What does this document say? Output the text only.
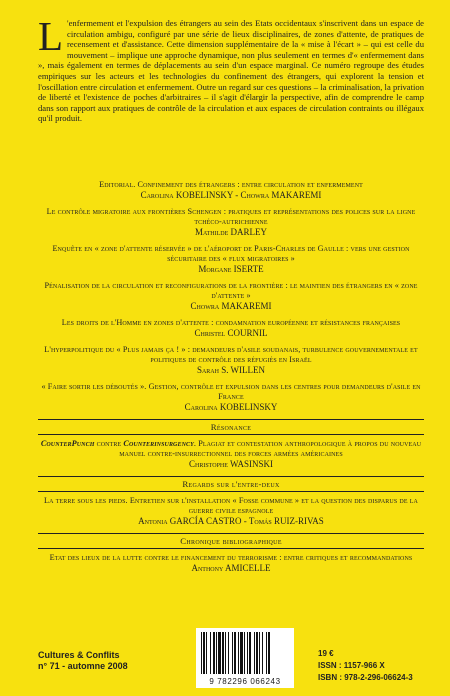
L 'enfermement et l'expulsion des étrangers au sein des Etats occidentaux s'inscrivent dans un espace de circulation ambigu, configuré par une série de lieux disciplinaires, de zones d'attente, de pratiques de recensement et d'assistance. Cette dimension supplémentaire de la « mise à l'écart » – qui est celle du mouvement – implique une approche dynamique, non plus seulement en termes d'« enfermement dans », mais également en termes de déplacements au sein d'un espace marginal. Ce numéro regroupe des études empiriques sur les acteurs et les technologies du confinement des étrangers, qui explorent la tension et l'oscillation entre circulation et enfermement. Outre un regard sur ces questions – la criminalisation, la privation de liberté et l'existence de poches d'arbitraires – il s'agit d'élargir la perspective, afin de comprendre le camp dans son rapport aux pratiques de contrôle de la circulation et aux espaces de circulation contraints ou illégaux qu'il produit.
Editorial. Confinement des étrangers : entre circulation et enfermement
Carolina KOBELINSKY - Chowra MAKAREMI
Le contrôle migratoire aux frontières Schengen : pratiques et représentations des polices sur la ligne tchéco-autrichienne
Mathilde DARLEY
Enquête en « zone d'attente réservée » de l'aéroport de Paris-Charles de Gaulle : vers une gestion sécuritaire des « flux migratoires »
Morgane ISERTE
Pénalisation de la circulation et reconfigurations de la frontière : le maintien des étrangers en « zone d'attente »
Chowra MAKAREMI
Les droits de l'Homme en zones d'attente : condamnation européenne et résistances françaises
Christel COURNIL
L'hyperpolitique du « Plus jamais ça ! » : demandeurs d'asile soudanais, turbulence gouvernementale et politiques de contrôle des réfugiés en Israël
Sarah S. WILLEN
« Faire sortir les déboutés ». Gestion, contrôle et expulsion dans les centres pour demandeurs d'asile en France
Carolina KOBELINSKY
Résonance
CounterPunch contre Counterinsurgency. Plagiat et contestation anthropologique à propos du nouveau manuel contre-insurrectionnel des forces armées américaines
Christophe WASINSKI
Regards sur l'entre-deux
La terre sous les pieds. Entretien sur l'installation « Fosse commune » et la question des disparus de la guerre civile espagnole
Antonia GARCÍA CASTRO - Tomás RUIZ-RIVAS
Chronique bibliographique
Etat des lieux de la lutte contre le financement du terrorisme : entre critiques et recommandations
Anthony AMICELLE
Cultures & Conflits
n° 71 - automne 2008
9 782296 066243
19 €
ISSN : 1157-966 X
ISBN : 978-2-296-06624-3
